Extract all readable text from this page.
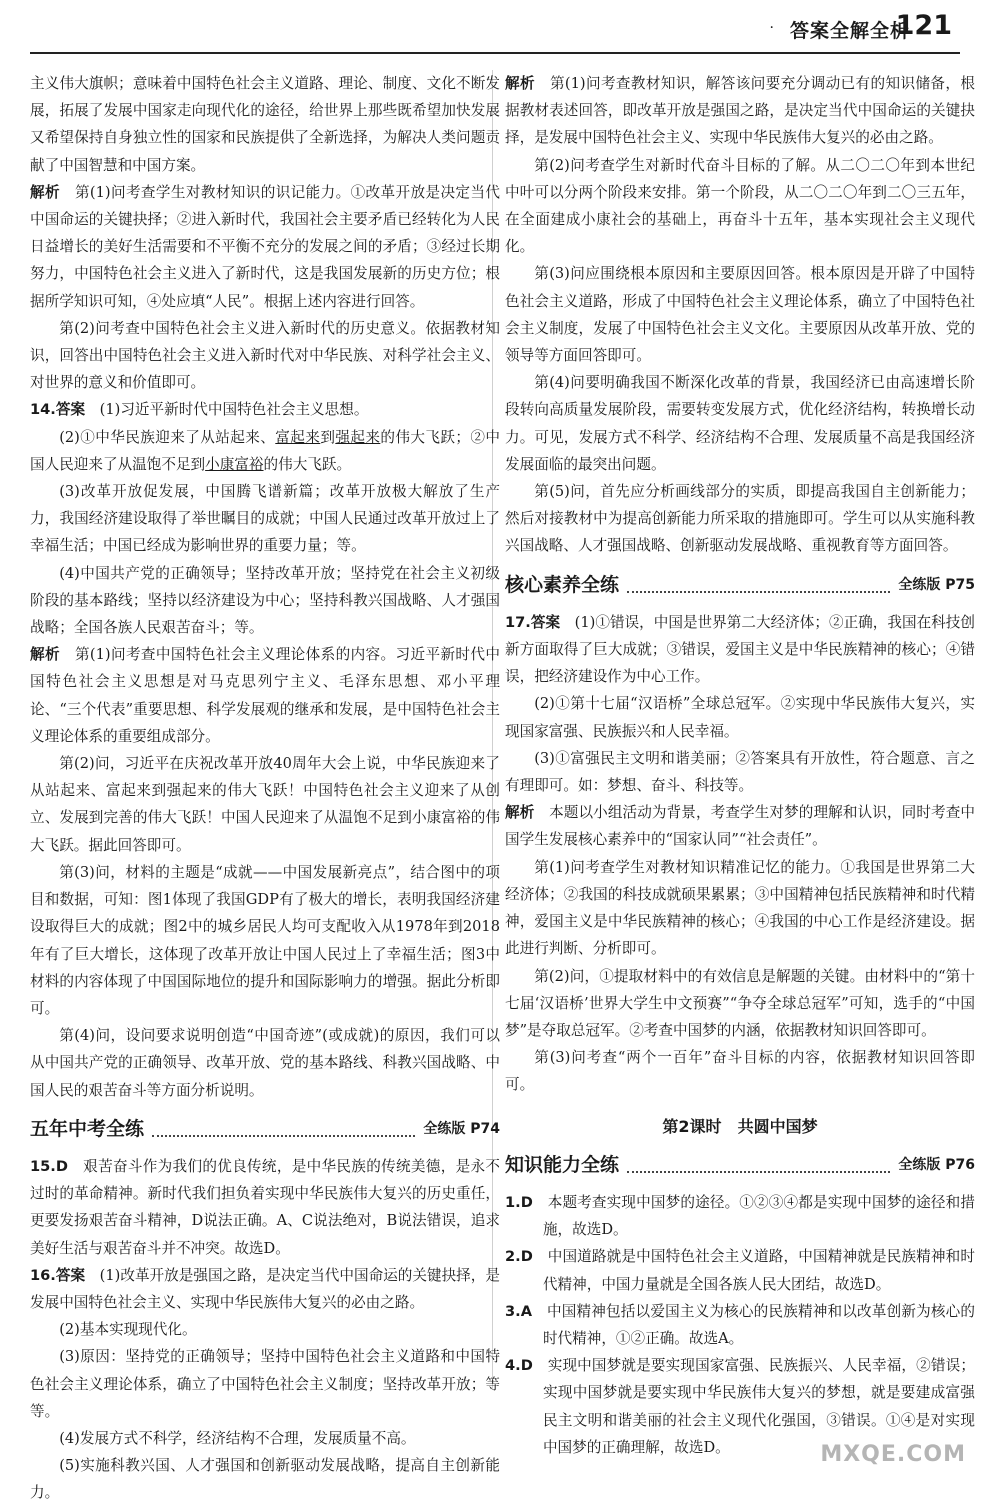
· 答案全解全析
121

主义伟大旗帜；意味着中国特色社会主义道路、理论、制度、文化不断发展，拓展了发展中国家走向现代化的途径，给世界上那些既希望加快发展又希望保持自身独立性的国家和民族提供了全新选择，为解决人类问题贡献了中国智慧和中国方案。

解析　 第(1)问考查学生对教材知识的识记能力。①改革开放是决定当代中国命运的关键抉择；②进入新时代，我国社会主要矛盾已经转化为人民日益增长的美好生活需要和不平衡不充分的发展之间的矛盾；③经过长期努力，中国特色社会主义进入了新时代，这是我国发展新的历史方位；根据所学知识可知，④处应填“人民”。根据上述内容进行回答。

第(2)问考查中国特色社会主义进入新时代的历史意义。依据教材知识，回答出中国特色社会主义进入新时代对中华民族、对科学社会主义、对世界的意义和价值即可。

14.答案　 (1)习近平新时代中国特色社会主义思想。

(2)①中华民族迎来了从站起来、富起来到强起来的伟大飞跃；②中国人民迎来了从温饱不足到小康富裕的伟大飞跃。

(3)改革开放促发展，中国腾飞谱新篇；改革开放极大解放了生产力，我国经济建设取得了举世瞩目的成就；中国人民通过改革开放过上了幸福生活；中国已经成为影响世界的重要力量；等。

(4)中国共产党的正确领导；坚持改革开放；坚持党在社会主义初级阶段的基本路线；坚持以经济建设为中心；坚持科教兴国战略、人才强国战略；全国各族人民艰苦奋斗；等。

解析　 第(1)问考查中国特色社会主义理论体系的内容。习近平新时代中国特色社会主义思想是对马克思列宁主义、毛泽东思想、邓小平理论、“三个代表”重要思想、科学发展观的继承和发展，是中国特色社会主义理论体系的重要组成部分。

第(2)问，习近平在庆祝改革开放40周年大会上说，中华民族迎来了从站起来、富起来到强起来的伟大飞跃！中国特色社会主义迎来了从创立、发展到完善的伟大飞跃！中国人民迎来了从温饱不足到小康富裕的伟大飞跃。据此回答即可。

第(3)问，材料的主题是“成就——中国发展新亮点”，结合图中的项目和数据，可知：图1体现了我国GDP有了极大的增长，表明我国经济建设取得巨大的成就；图2中的城乡居民人均可支配收入从1978年到2018年有了巨大增长，这体现了改革开放让中国人民过上了幸福生活；图3中材料的内容体现了中国国际地位的提升和国际影响力的增强。据此分析即可。

第(4)问，设问要求说明创造“中国奇迹”(或成就)的原因，我们可以从中国共产党的正确领导、改革开放、党的基本路线、科教兴国战略、中国人民的艰苦奋斗等方面分析说明。

五年中考全练	全练版 P74

15.D　 艰苦奋斗作为我们的优良传统，是中华民族的传统美德，是永不过时的革命精神。新时代我们担负着实现中华民族伟大复兴的历史重任，更要发扬艰苦奋斗精神，D说法正确。A、C说法绝对，B说法错误，追求美好生活与艰苦奋斗并不冲突。故选D。

16.答案　 (1)改革开放是强国之路，是决定当代中国命运的关键抉择，是发展中国特色社会主义、实现中华民族伟大复兴的必由之路。

(2)基本实现现代化。

(3)原因：坚持党的正确领导；坚持中国特色社会主义道路和中国特色社会主义理论体系，确立了中国特色社会主义制度；坚持改革开放；等等。

(4)发展方式不科学，经济结构不合理，发展质量不高。

(5)实施科教兴国、人才强国和创新驱动发展战略，提高自主创新能力。

解析　 第(1)问考查教材知识，解答该问要充分调动已有的知识储备，根据教材表述回答，即改革开放是强国之路，是决定当代中国命运的关键抉择，是发展中国特色社会主义、实现中华民族伟大复兴的必由之路。

第(2)问考查学生对新时代奋斗目标的了解。从二〇二〇年到本世纪中叶可以分两个阶段来安排。第一个阶段，从二〇二〇年到二〇三五年，在全面建成小康社会的基础上，再奋斗十五年，基本实现社会主义现代化。

第(3)问应围绕根本原因和主要原因回答。根本原因是开辟了中国特色社会主义道路，形成了中国特色社会主义理论体系，确立了中国特色社会主义制度，发展了中国特色社会主义文化。主要原因从改革开放、党的领导等方面回答即可。

第(4)问要明确我国不断深化改革的背景，我国经济已由高速增长阶段转向高质量发展阶段，需要转变发展方式，优化经济结构，转换增长动力。可见，发展方式不科学、经济结构不合理、发展质量不高是我国经济发展面临的最突出问题。

第(5)问，首先应分析画线部分的实质，即提高我国自主创新能力；然后对接教材中为提高创新能力所采取的措施即可。学生可以从实施科教兴国战略、人才强国战略、创新驱动发展战略、重视教育等方面回答。

核心素养全练	全练版 P75

17.答案　 (1)①错误，中国是世界第二大经济体；②正确，我国在科技创新方面取得了巨大成就；③错误，爱国主义是中华民族精神的核心；④错误，把经济建设作为中心工作。

(2)①第十七届“汉语桥”全球总冠军。②实现中华民族伟大复兴，实现国家富强、民族振兴和人民幸福。

(3)①富强民主文明和谐美丽；②答案具有开放性，符合题意、言之有理即可。如：梦想、奋斗、科技等。

解析　 本题以小组活动为背景，考查学生对梦的理解和认识，同时考查中国学生发展核心素养中的“国家认同”“社会责任”。

第(1)问考查学生对教材知识精准记忆的能力。①我国是世界第二大经济体；②我国的科技成就硕果累累；③中国精神包括民族精神和时代精神，爱国主义是中华民族精神的核心；④我国的中心工作是经济建设。据此进行判断、分析即可。

第(2)问，①提取材料中的有效信息是解题的关键。由材料中的“第十七届‘汉语桥’世界大学生中文预赛”“争夺全球总冠军”可知，选手的“中国梦”是夺取总冠军。②考查中国梦的内涵，依据教材知识回答即可。

第(3)问考查“两个一百年”奋斗目标的内容，依据教材知识回答即可。

第2课时 共圆中国梦
知识能力全练	全练版 P76

1.D　 本题考查实现中国梦的途径。①②③④都是实现中国梦的途径和措施，故选D。

2.D　 中国道路就是中国特色社会主义道路，中国精神就是民族精神和时代精神，中国力量就是全国各族人民大团结，故选D。

3.A　 中国精神包括以爱国主义为核心的民族精神和以改革创新为核心的时代精神，①②正确。故选A。

4.D　 实现中国梦就是要实现国家富强、民族振兴、人民幸福，②错误；实现中国梦就是要实现中华民族伟大复兴的梦想，就是要建成富强民主文明和谐美丽的社会主义现代化强国，③错误。①④是对实现中国梦的正确理解，故选D。	MXQE.COM
